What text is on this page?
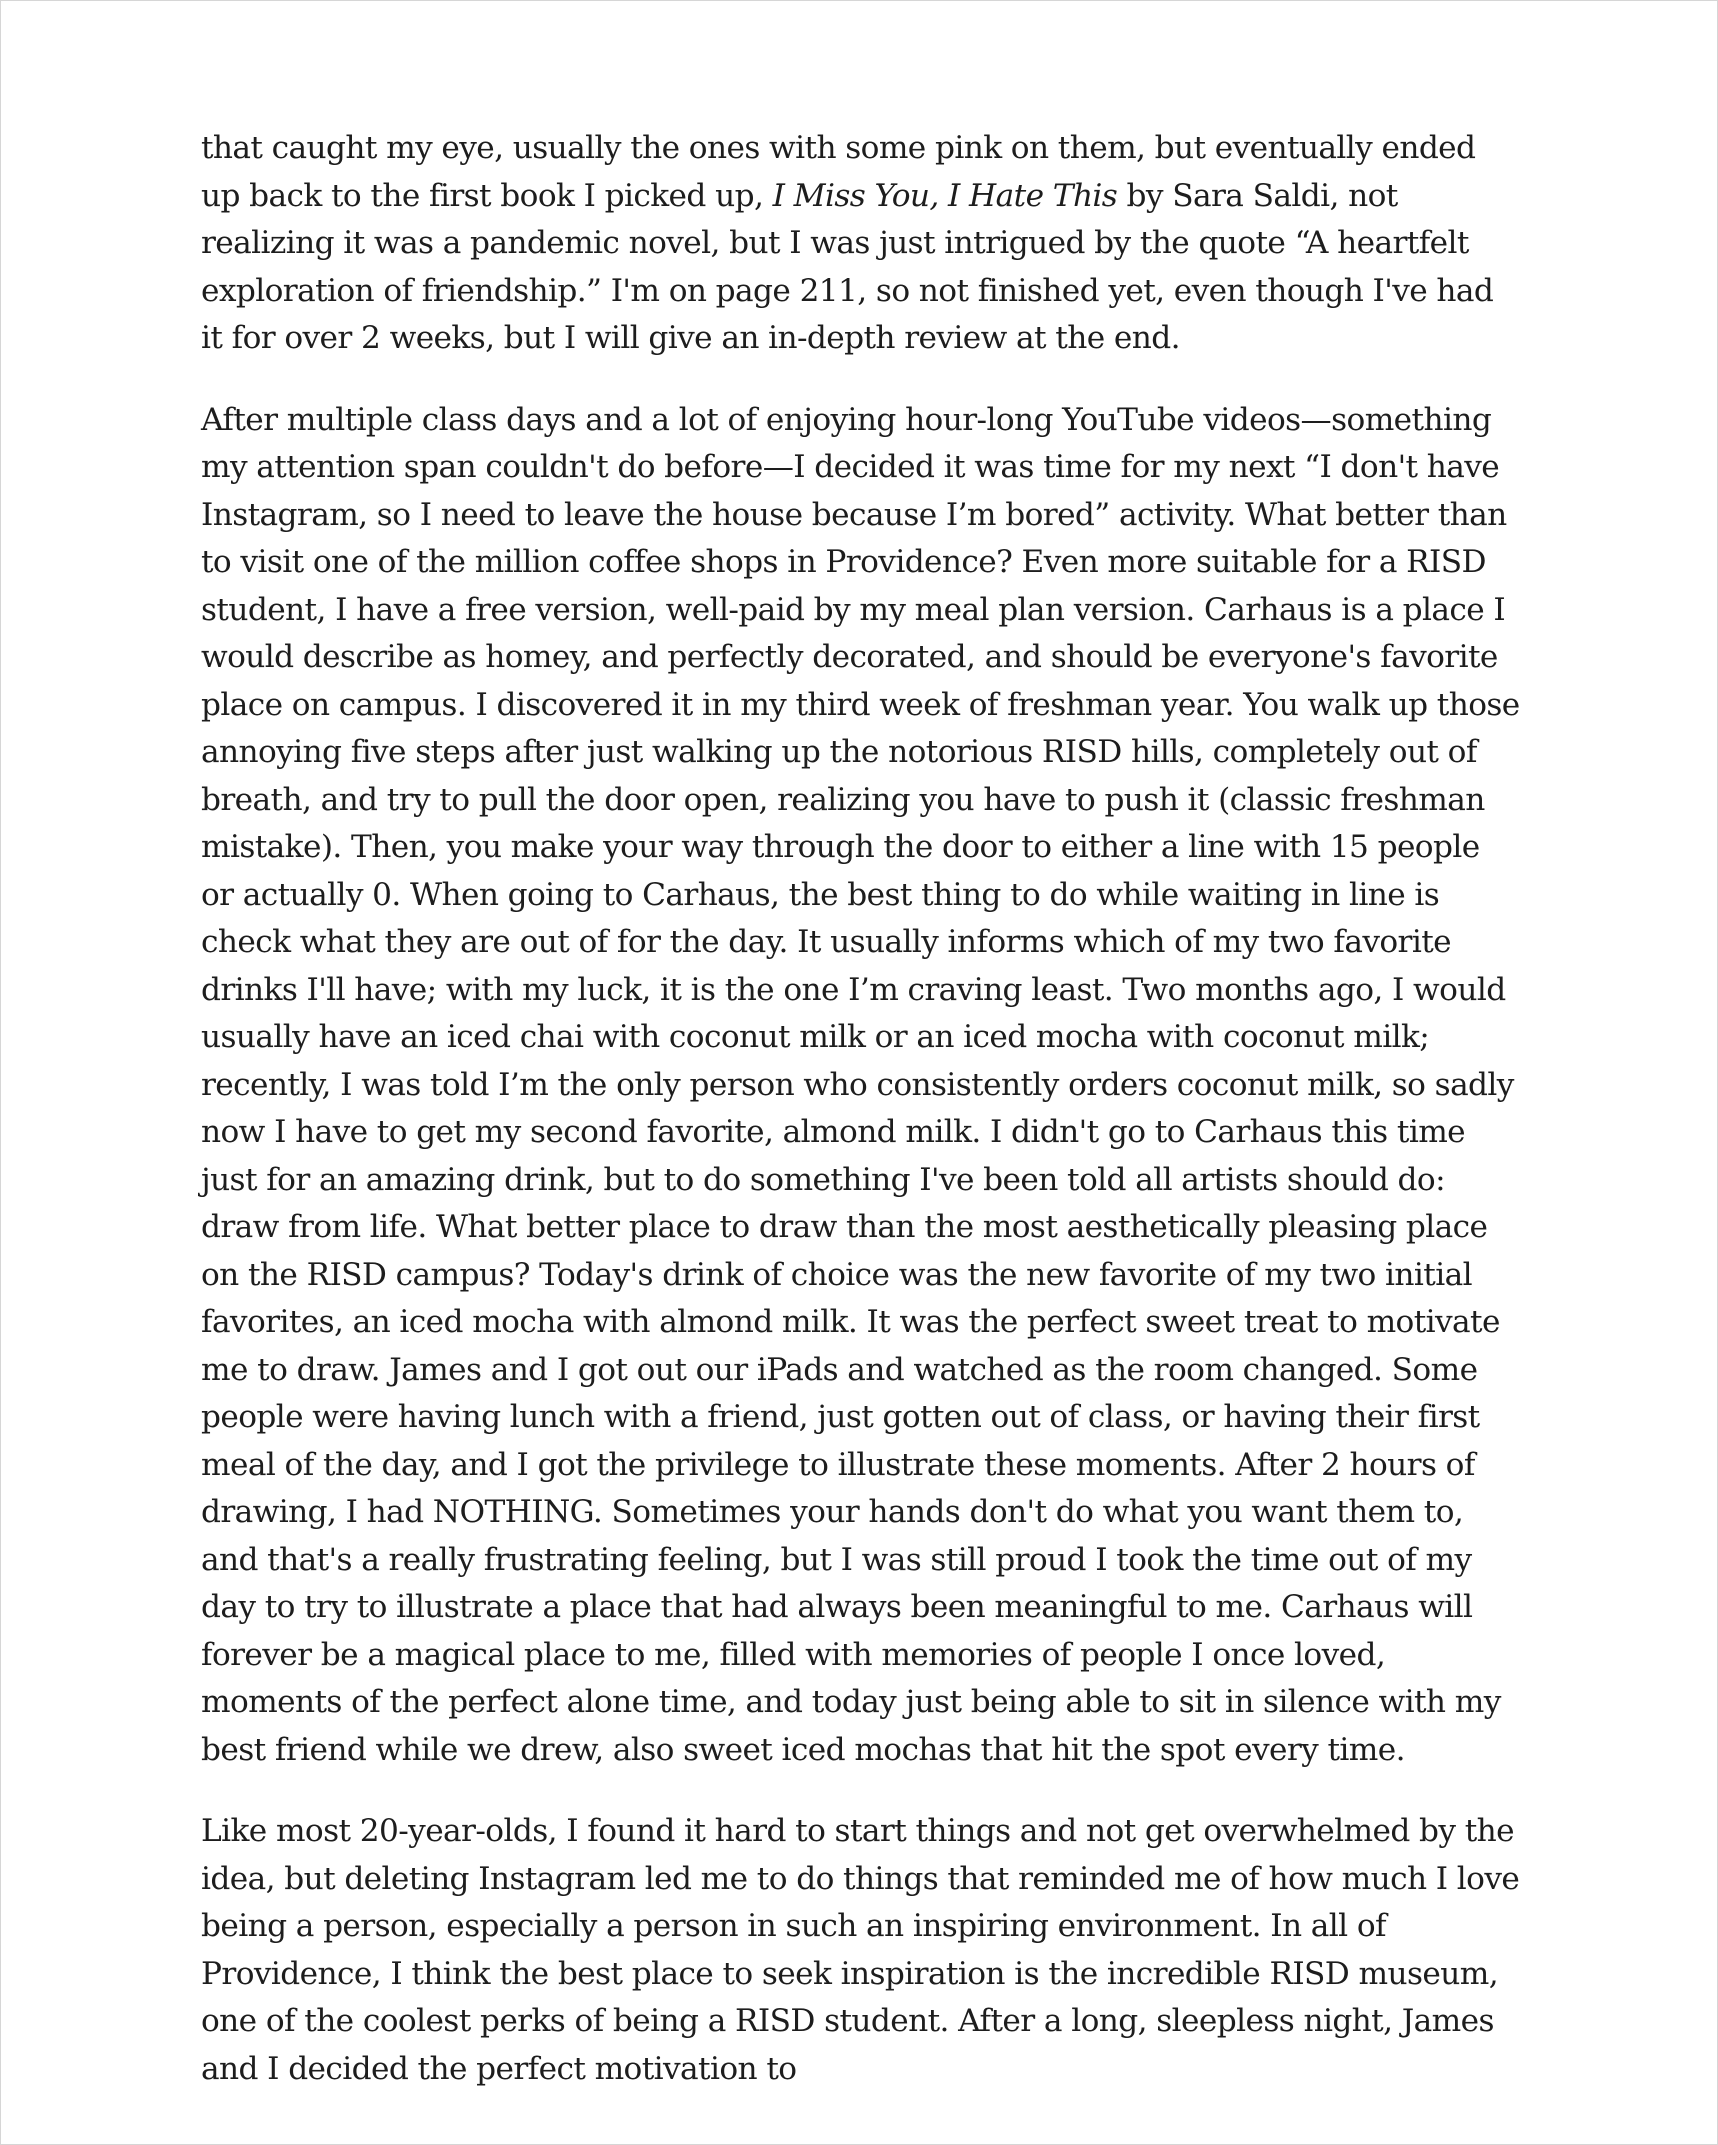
that caught my eye, usually the ones with some pink on them, but eventually ended up back to the first book I picked up, I Miss You, I Hate This by Sara Saldi, not realizing it was a pandemic novel, but I was just intrigued by the quote “A heartfelt exploration of friendship.” I'm on page 211, so not finished yet, even though I've had it for over 2 weeks, but I will give an in-depth review at the end.

After multiple class days and a lot of enjoying hour-long YouTube videos—something my attention span couldn't do before—I decided it was time for my next “I don't have Instagram, so I need to leave the house because I’m bored” activity. What better than to visit one of the million coffee shops in Providence? Even more suitable for a RISD student, I have a free version, well-paid by my meal plan version. Carhaus is a place I would describe as homey, and perfectly decorated, and should be everyone's favorite place on campus. I discovered it in my third week of freshman year. You walk up those annoying five steps after just walking up the notorious RISD hills, completely out of breath, and try to pull the door open, realizing you have to push it (classic freshman mistake). Then, you make your way through the door to either a line with 15 people or actually 0. When going to Carhaus, the best thing to do while waiting in line is check what they are out of for the day. It usually informs which of my two favorite drinks I'll have; with my luck, it is the one I’m craving least. Two months ago, I would usually have an iced chai with coconut milk or an iced mocha with coconut milk; recently, I was told I’m the only person who consistently orders coconut milk, so sadly now I have to get my second favorite, almond milk. I didn't go to Carhaus this time just for an amazing drink, but to do something I've been told all artists should do: draw from life. What better place to draw than the most aesthetically pleasing place on the RISD campus? Today's drink of choice was the new favorite of my two initial favorites, an iced mocha with almond milk. It was the perfect sweet treat to motivate me to draw. James and I got out our iPads and watched as the room changed. Some people were having lunch with a friend, just gotten out of class, or having their first meal of the day, and I got the privilege to illustrate these moments. After 2 hours of drawing, I had NOTHING. Sometimes your hands don't do what you want them to, and that's a really frustrating feeling, but I was still proud I took the time out of my day to try to illustrate a place that had always been meaningful to me. Carhaus will forever be a magical place to me, filled with memories of people I once loved, moments of the perfect alone time, and today just being able to sit in silence with my best friend while we drew, also sweet iced mochas that hit the spot every time.

Like most 20-year-olds, I found it hard to start things and not get overwhelmed by the idea, but deleting Instagram led me to do things that reminded me of how much I love being a person, especially a person in such an inspiring environment. In all of Providence, I think the best place to seek inspiration is the incredible RISD museum, one of the coolest perks of being a RISD student. After a long, sleepless night, James and I decided the perfect motivation to
